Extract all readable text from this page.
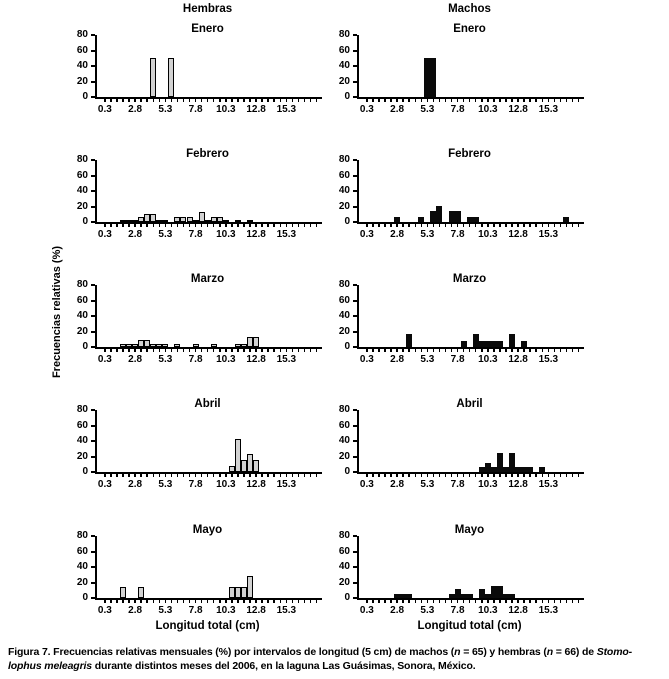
Hembras	Machos
Enero
0
20
40
60
80
0.3	2.8	5.3	7.8	10.3	12.8	15.3
Enero
0
20
40
60
80
0.3	2.8	5.3	7.8	10.3	12.8	15.3
Febrero
0
20
40
60
80
0.3	2.8	5.3	7.8	10.3	12.8	15.3
Febrero
0
20
40
60
80
0.3	2.8	5.3	7.8	10.3	12.8	15.3
Marzo
0
20
40
60
80
0.3	2.8	5.3	7.8	10.3	12.8	15.3
Marzo
0
20
40
60
80
0.3	2.8	5.3	7.8	10.3	12.8	15.3
Abril
0
20
40
60
80
0.3	2.8	5.3	7.8	10.3	12.8	15.3
Abril
0
20
40
60
80
0.3	2.8	5.3	7.8	10.3	12.8	15.3
Mayo
0
20
40
60
80
0.3	2.8	5.3	7.8	10.3	12.8	15.3
Mayo
0
20
40
60
80
0.3	2.8	5.3	7.8	10.3	12.8	15.3
Frecuencias relativas (%)
Longitud total (cm)	Longitud total (cm)
Figura 7. Frecuencias relativas mensuales (%) por intervalos de longitud (5 cm) de machos (n = 65) y hembras (n = 66) de Stomo-
lophus meleagris durante distintos meses del 2006, en la laguna Las Guásimas, Sonora, México.
